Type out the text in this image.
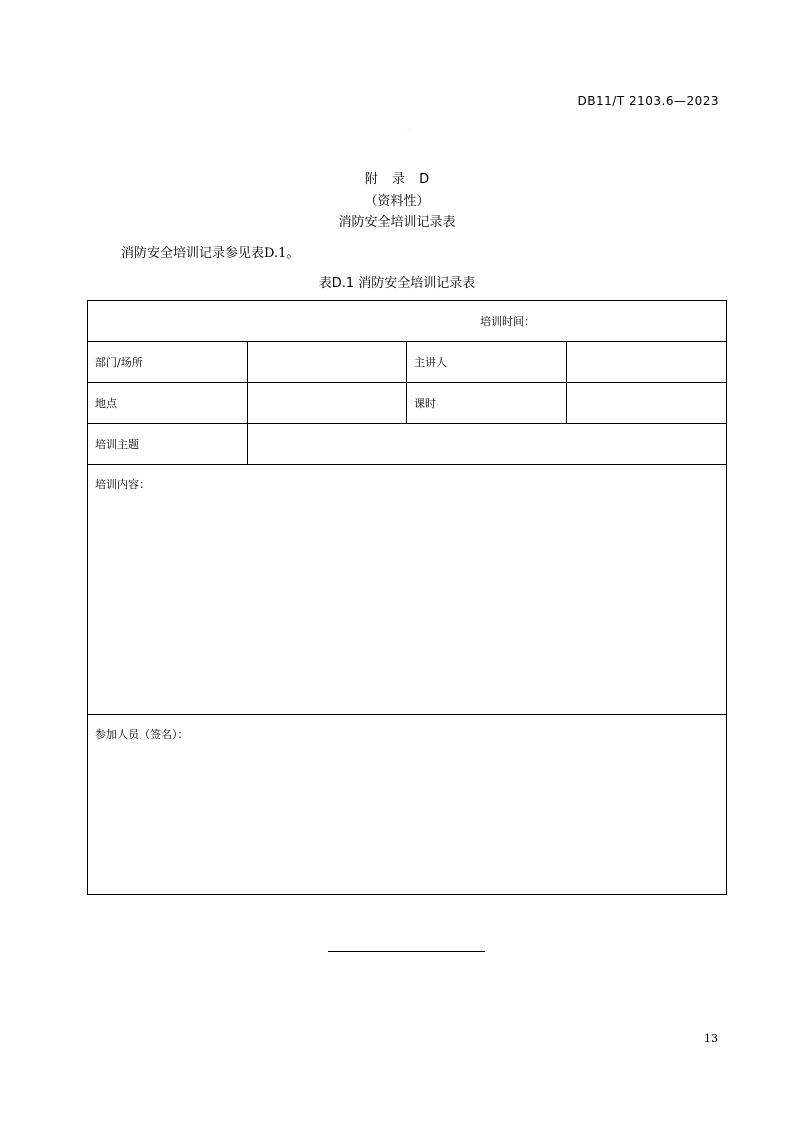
DB11/T 2103.6—2023
· ·
附 录 D
（资料性）
消防安全培训记录表
消防安全培训记录参见表D.1。
表D.1 消防安全培训记录表
培训时间：			

部门/场所		主讲人	
地点		课时	
培训主题			
培训内容：			
参加人员（签名）：			
13
